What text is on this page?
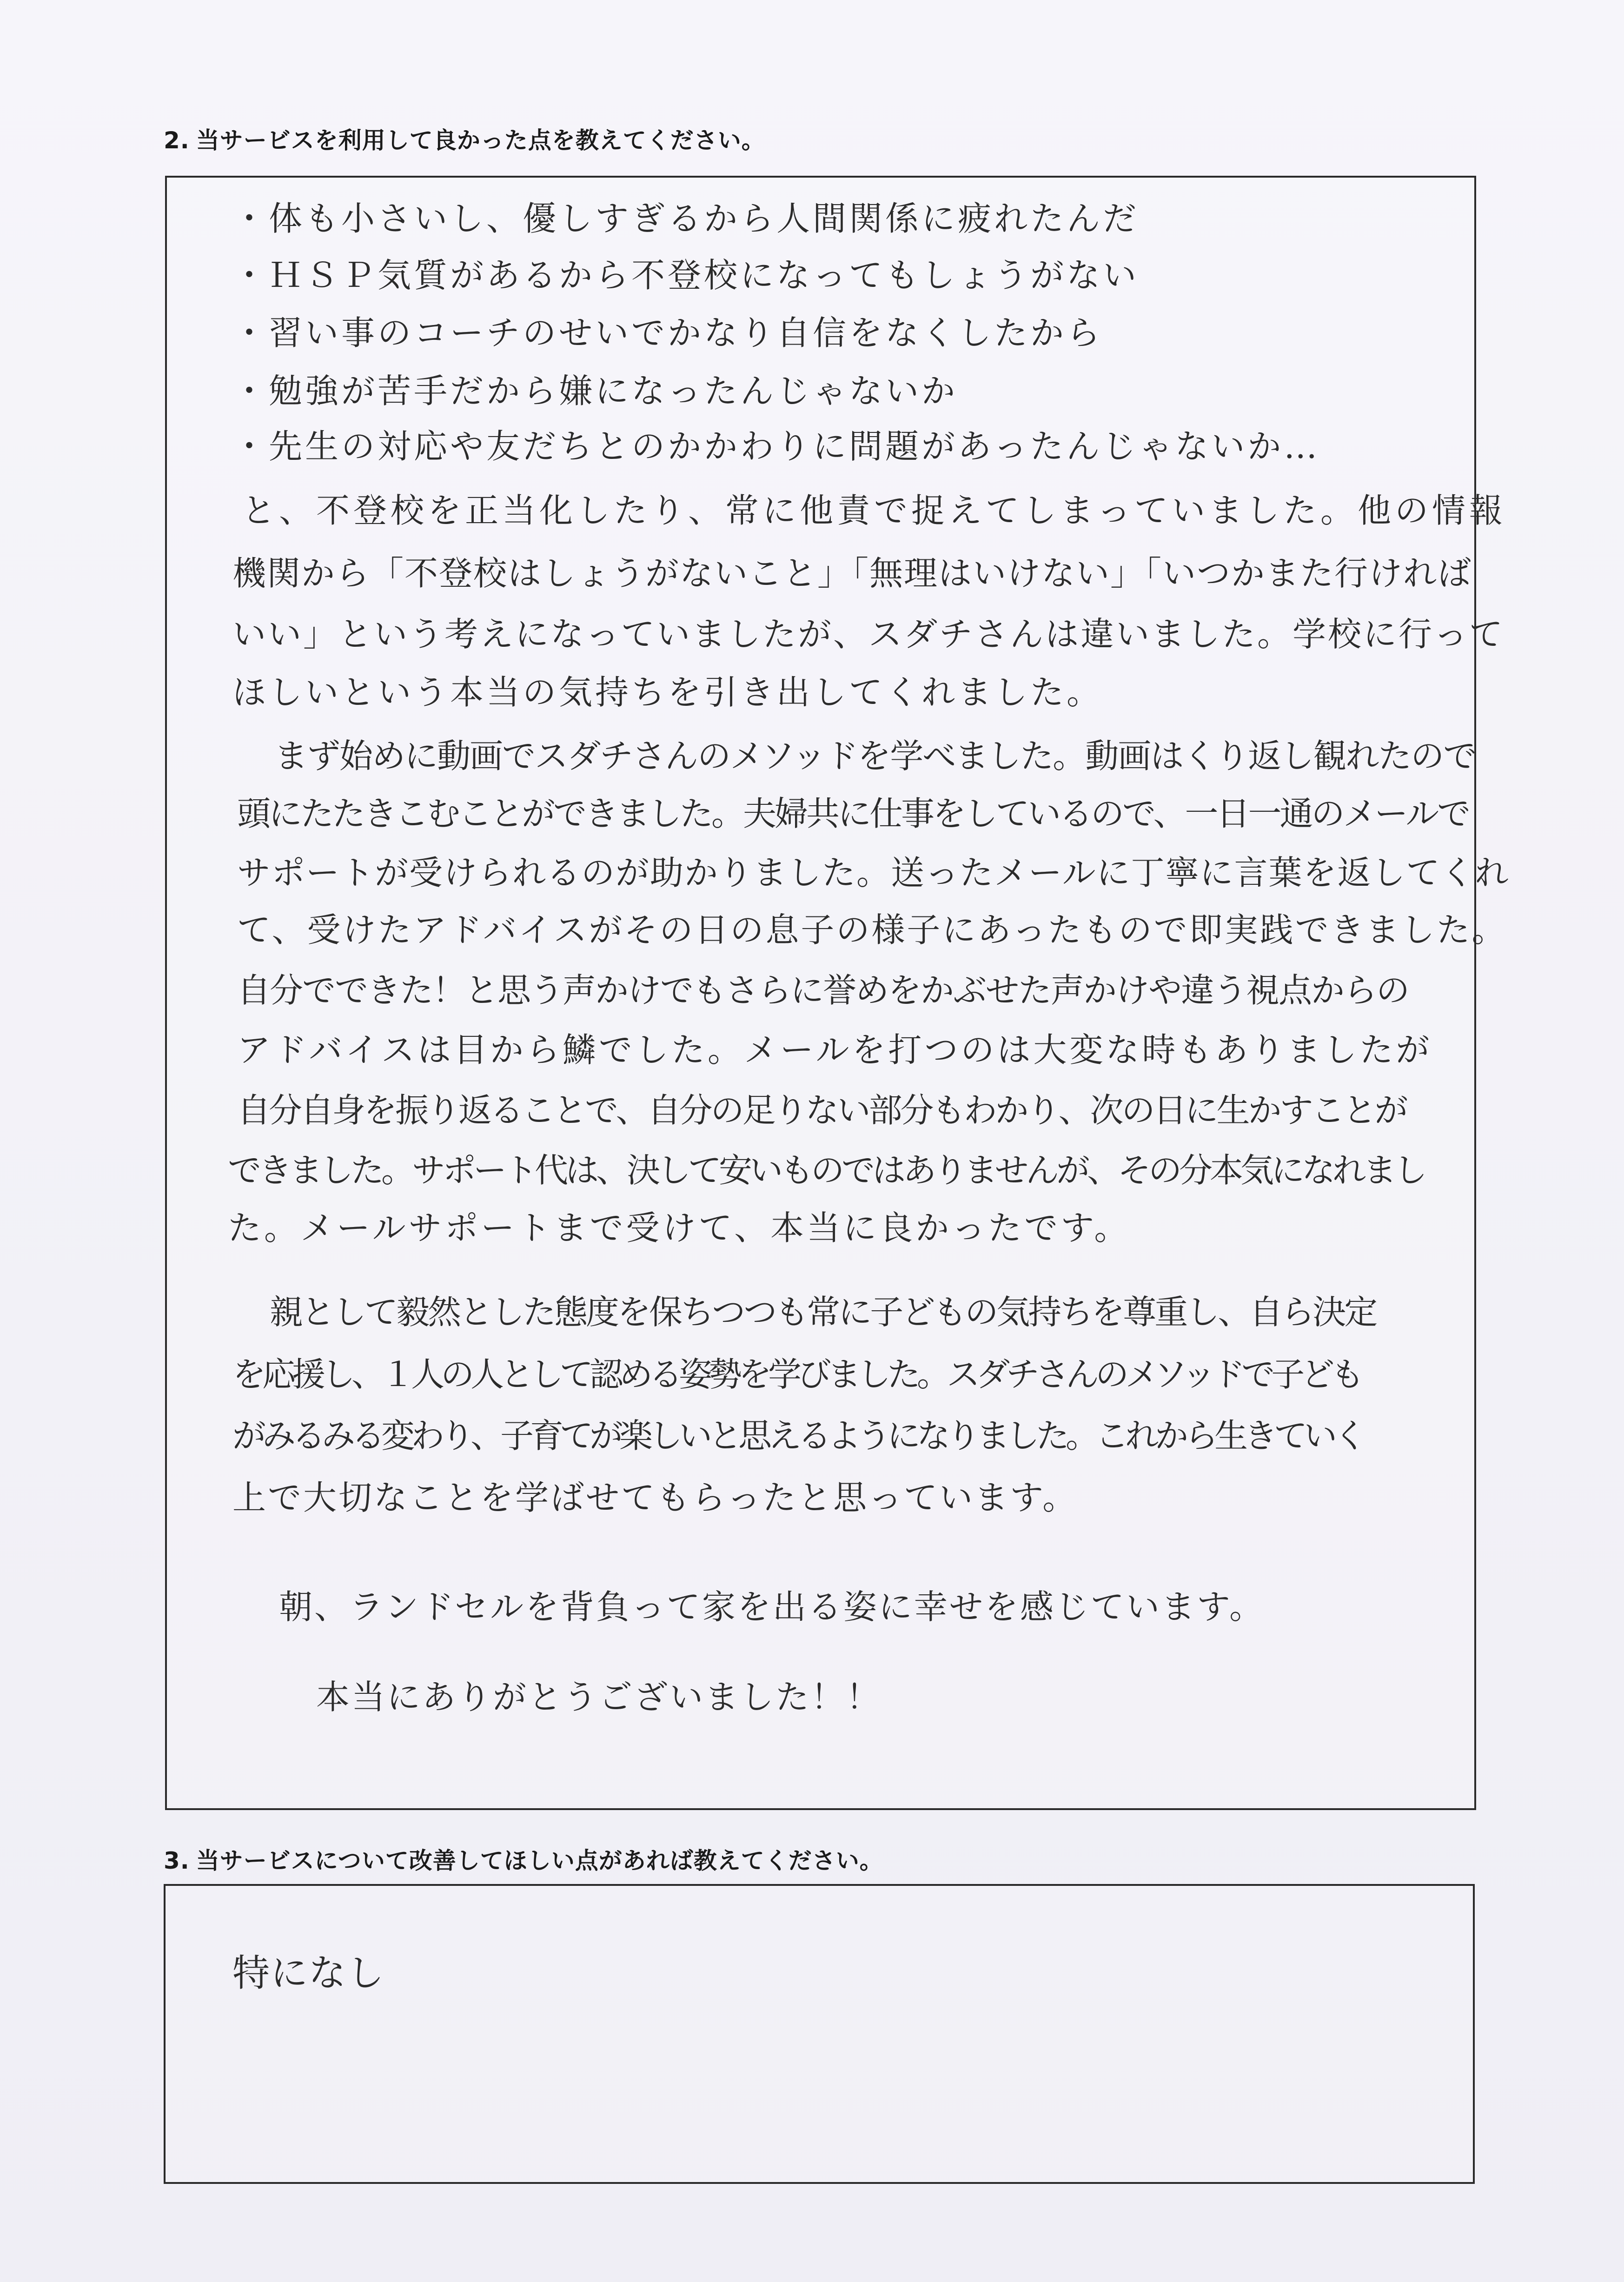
2. 当サービスを利用して良かった点を教えてください。
・体も小さいし、優しすぎるから人間関係に疲れたんだ
・ＨＳＰ気質があるから不登校になってもしょうがない
・習い事のコーチのせいでかなり自信をなくしたから
・勉強が苦手だから嫌になったんじゃないか
・先生の対応や友だちとのかかわりに問題があったんじゃないか…
と、不登校を正当化したり、常に他責で捉えてしまっていました。他の情報
機関から「不登校はしょうがないこと」「無理はいけない」「いつかまた行ければ
いい」という考えになっていましたが、スダチさんは違いました。学校に行って
ほしいという本当の気持ちを引き出してくれました。
まず始めに動画でスダチさんのメソッドを学べました。動画はくり返し観れたので
頭にたたきこむことができました。夫婦共に仕事をしているので、一日一通のメールで
サポートが受けられるのが助かりました。送ったメールに丁寧に言葉を返してくれ
て、受けたアドバイスがその日の息子の様子にあったもので即実践できました。
自分でできた！と思う声かけでもさらに誉めをかぶせた声かけや違う視点からの
アドバイスは目から鱗でした。メールを打つのは大変な時もありましたが
自分自身を振り返ることで、自分の足りない部分もわかり、次の日に生かすことが
できました。サポート代は、決して安いものではありませんが、その分本気になれまし
た。メールサポートまで受けて、本当に良かったです。
親として毅然とした態度を保ちつつも常に子どもの気持ちを尊重し、自ら決定
を応援し、１人の人として認める姿勢を学びました。スダチさんのメソッドで子ども
がみるみる変わり、子育てが楽しいと思えるようになりました。これから生きていく
上で大切なことを学ばせてもらったと思っています。
朝、ランドセルを背負って家を出る姿に幸せを感じています。
本当にありがとうございました！！
3. 当サービスについて改善してほしい点があれば教えてください。
特になし
